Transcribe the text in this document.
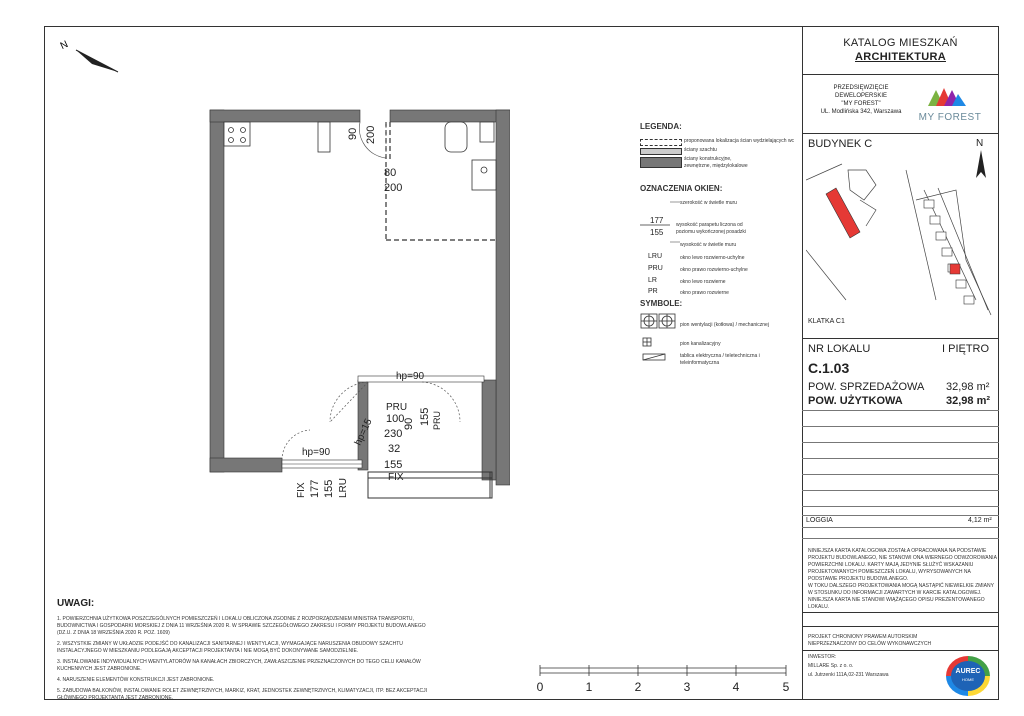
N
90 200
80
200
hp=90
PRU
100
90 155 PRU
230
32
hp=15
hp=90
155
FIX
FIX 177 155 LRU
LEGENDA:
proponowana lokalizacja ścian wydzielających wc
ściany szachtu
ściany konstrukcyjne, zewnętrzne, międzylokalowe
OZNACZENIA OKIEN:
177
155
szerokość w świetle muru
wysokość parapetu liczona od poziomu wykończonej posadzki
wysokość w świetle muru
LRU	okno lewo rozwierno-uchylne
PRU	okno prawo rozwierno-uchylne
LR	okno lewo rozwierne
PR	okno prawo rozwierne
SYMBOLE:
pion wentylacji (kotłowa) / mechanicznej
pion kanalizacyjny
tablica elektryczna / teletechniczna i teleinformatyczna
UWAGI:
1. POWIERZCHNIA UŻYTKOWA POSZCZEGÓLNYCH POMIESZCZEŃ I LOKALU OBLICZONA ZGODNIE Z ROZPORZĄDZENIEM MINISTRA TRANSPORTU, BUDOWNICTWA I GOSPODARKI MORSKIEJ Z DNIA 11 WRZEŚNIA 2020 R. W SPRAWIE SZCZEGÓŁOWEGO ZAKRESU I FORMY PROJEKTU BUDOWLANEGO (DZ.U. Z DNIA 18 WRZEŚNIA 2020 R. POZ. 1609)
2. WSZYSTKIE ZMIANY W UKŁADZIE PODEJŚĆ DO KANALIZACJI SANITARNEJ I WENTYLACJI, WYMAGAJĄCE NARUSZENIA OBUDOWY SZACHTU INSTALACYJNEGO W MIESZKANIU PODLEGAJĄ AKCEPTACJI PROJEKTANTA I NIE MOGĄ BYĆ DOKONYWANE SAMODZIELNIE.
3. INSTALOWANIE INDYWIDUALNYCH WENTYLATORÓW NA KANAŁACH ZBIORCZYCH, ZAWŁASZCZENIE PRZEZNACZONYCH DO TEGO CELU KANAŁÓW KUCHENNYCH JEST ZABRONIONE.
4. NARUSZENIE ELEMENTÓW KONSTRUKCJI JEST ZABRONIONE.
5. ZABUDOWA BALKONÓW, INSTALOWANIE ROLET ZEWNĘTRZNYCH, MARKIZ, KRAT, JEDNOSTEK ZEWNĘTRZNYCH, KLIMATYZACJI, ITP. BEZ AKCEPTACJI GŁÓWNEGO PROJEKTANTA JEST ZABRONIONE.
0	1	2	3	4	5
KATALOG MIESZKAŃ
ARCHITEKTURA
PRZEDSIĘWZIĘCIE
DEWELOPERSKIE
"MY FOREST"
UL. Modlińska 342, Warszawa	MY FOREST
BUDYNEK C	N
KLATKA C1
NR LOKALU	I PIĘTRO
C.1.03
POW. SPRZEDAŻOWA 32,98 m²
POW. UŻYTKOWA	32,98 m²
LOGGIA	4,12 m²
NINIEJSZA KARTA KATALOGOWA ZOSTAŁA OPRACOWANA NA PODSTAWIE
PROJEKTU BUDOWLANEGO, NIE STANOWI ONA WIERNEGO ODWZOROWANIA
POWIERZCHNI LOKALU. KARTY MAJĄ JEDYNIE SŁUŻYĆ WSKAZANIU
PROJEKTOWANYCH POMIESZCZEŃ LOKALU, WYRYSOWANYCH NA
PODSTAWIE PROJEKTU BUDOWLANEGO.
W TOKU DALSZEGO PROJEKTOWANIA MOGĄ NASTĄPIĆ NIEWIELKIE ZMIANY
W STOSUNKU DO INFORMACJI ZAWARTYCH W KARCIE KATALOGOWEJ.
NINIEJSZA KARTA NIE STANOWI WIĄŻĄCEGO OPISU PREZENTOWANEGO
LOKALU.
PROJEKT CHRONIONY PRAWEM AUTORSKIM
NIEPRZEZNACZONY DO CELÓW WYKONAWCZYCH
INWESTOR:
MILLARE Sp. z o. o.
ul. Jutrzenki 111A,02-231 Warszawa	AUREC
HOME
